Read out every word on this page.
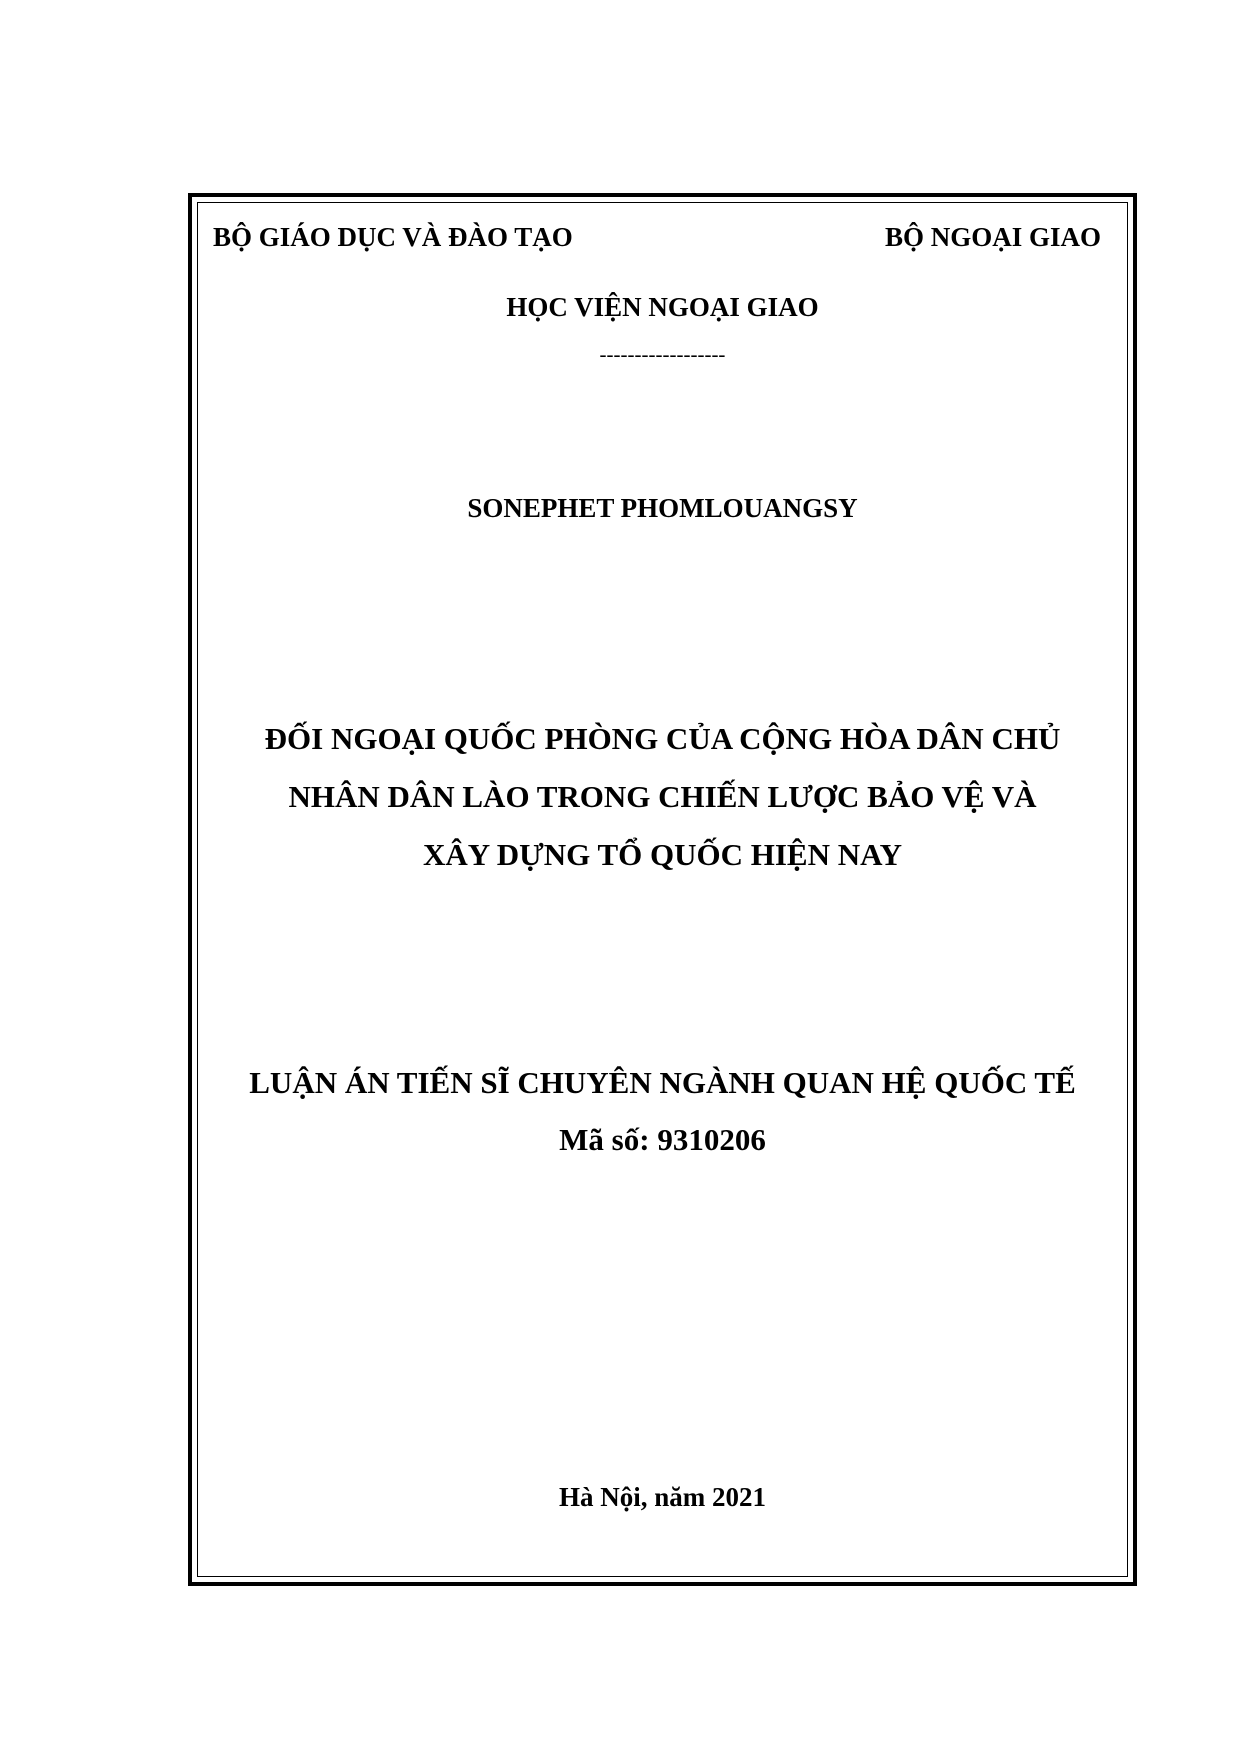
BỘ GIÁO DỤC VÀ ĐÀO TẠO	BỘ NGOẠI GIAO

HỌC VIỆN NGOẠI GIAO

------------------

SONEPHET PHOMLOUANGSY

ĐỐI NGOẠI QUỐC PHÒNG CỦA CỘNG HÒA DÂN CHỦ
NHÂN DÂN LÀO TRONG CHIẾN LƯỢC BẢO VỆ VÀ
XÂY DỰNG TỔ QUỐC HIỆN NAY

LUẬN ÁN TIẾN SĨ CHUYÊN NGÀNH QUAN HỆ QUỐC TẾ

Mã số: 9310206

Hà Nội, năm 2021
